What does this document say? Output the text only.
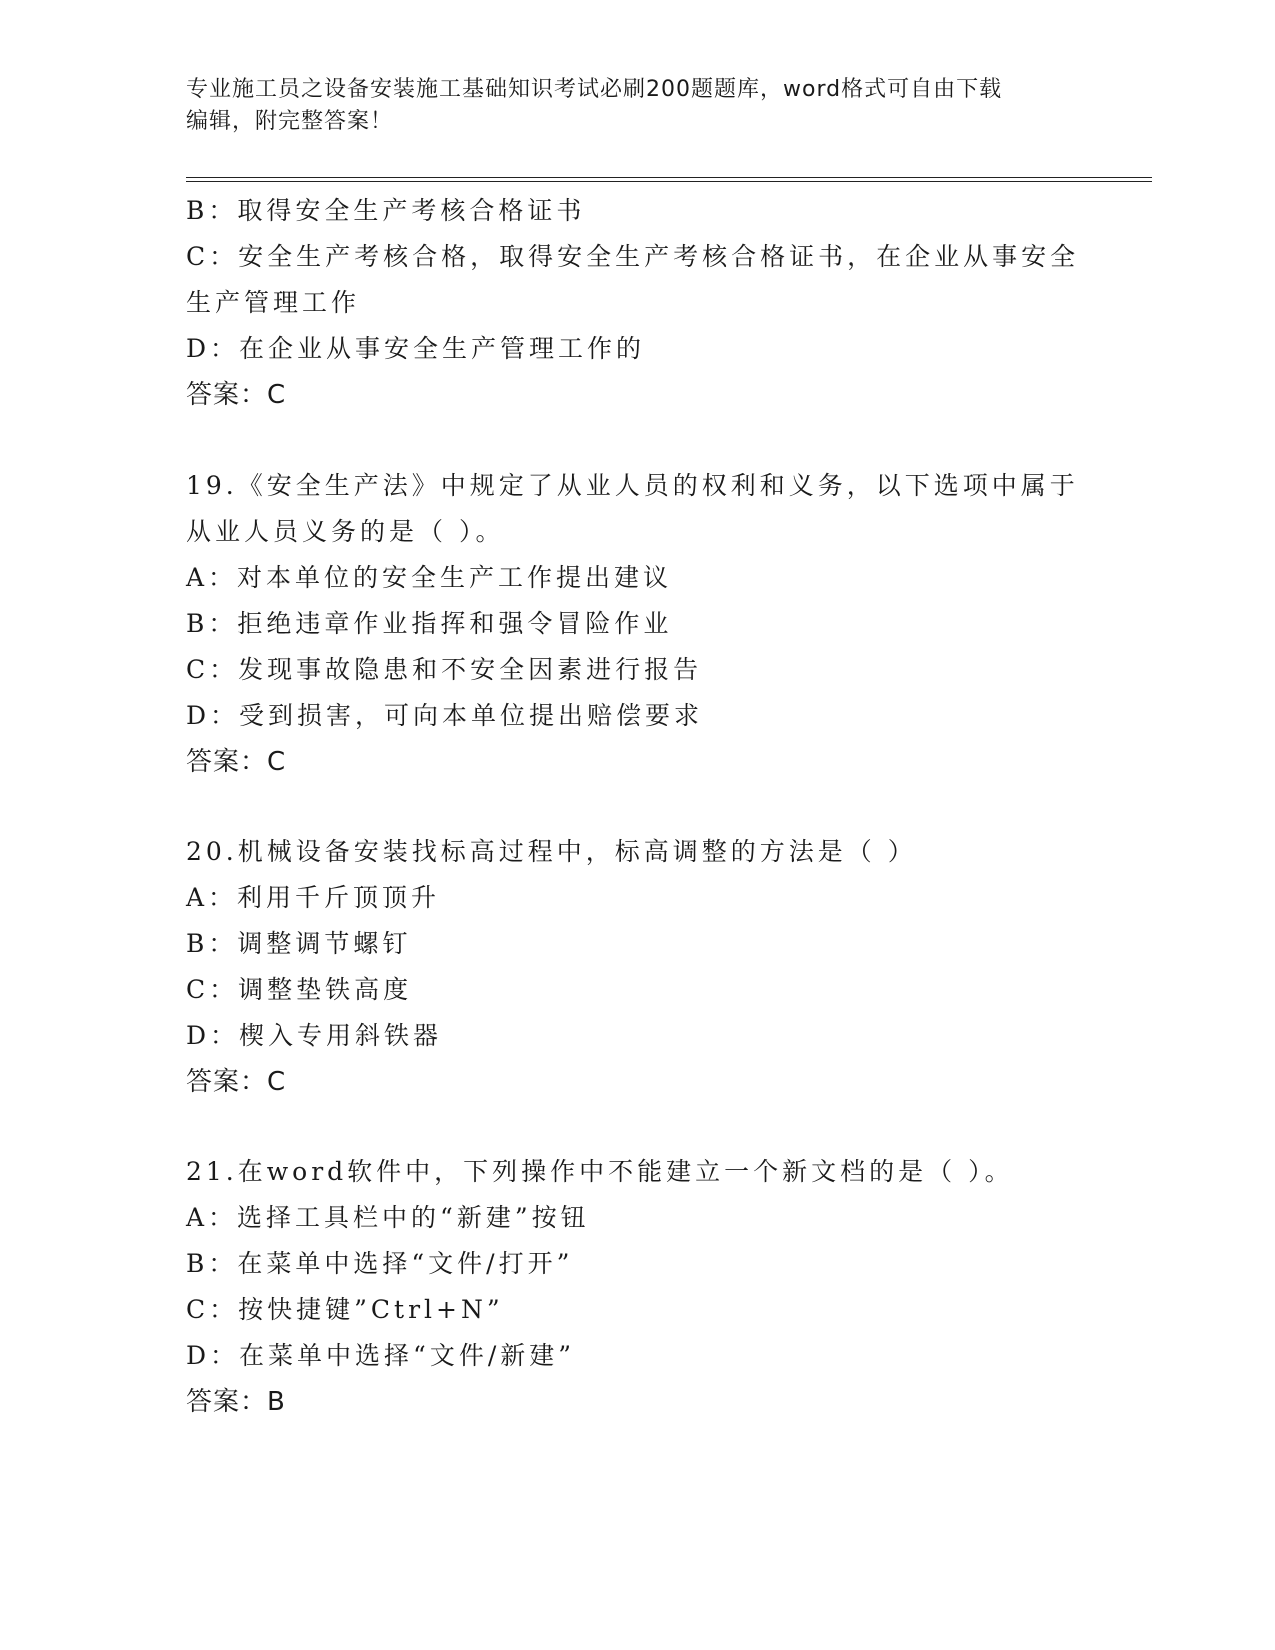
专业施工员之设备安装施工基础知识考试必刷200题题库，word格式可自由下载
编辑，附完整答案！
B：取得安全生产考核合格证书
C：安全生产考核合格，取得安全生产考核合格证书，在企业从事安全
生产管理工作
D：在企业从事安全生产管理工作的
答案：C
19.《安全生产法》中规定了从业人员的权利和义务，以下选项中属于
从业人员义务的是（ ）。
A：对本单位的安全生产工作提出建议
B：拒绝违章作业指挥和强令冒险作业
C：发现事故隐患和不安全因素进行报告
D：受到损害，可向本单位提出赔偿要求
答案：C
20.机械设备安装找标高过程中，标高调整的方法是（ ）
A：利用千斤顶顶升
B：调整调节螺钉
C：调整垫铁高度
D：楔入专用斜铁器
答案：C
21.在word软件中，下列操作中不能建立一个新文档的是（ ）。
A：选择工具栏中的“新建”按钮
B：在菜单中选择“文件/打开”
C：按快捷键”Ctrl+N”
D：在菜单中选择“文件/新建”
答案：B
